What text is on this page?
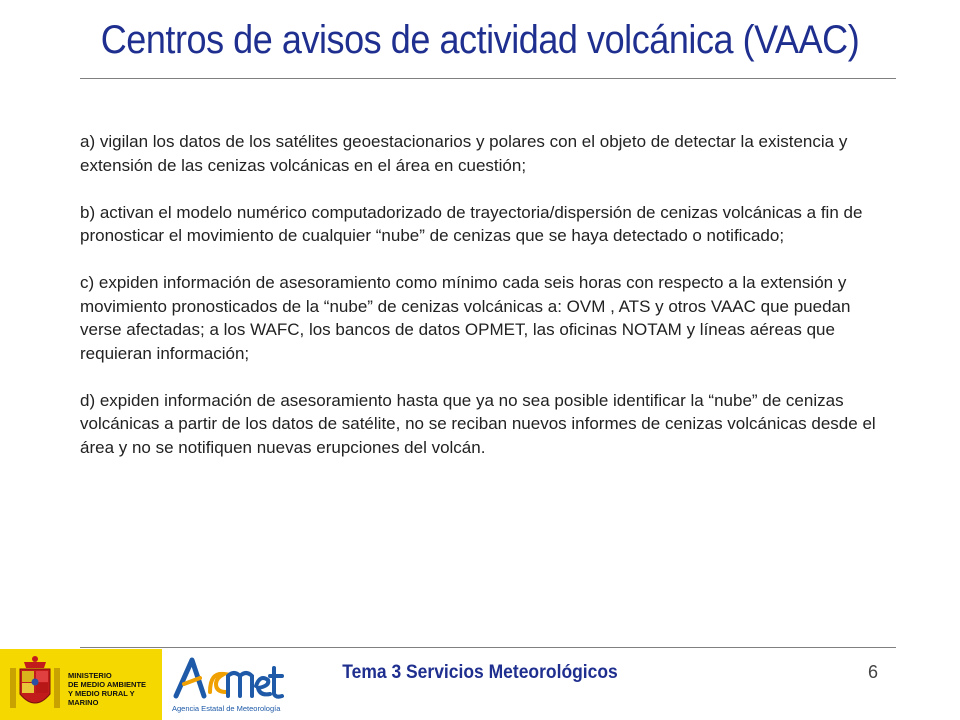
Centros de avisos de actividad volcánica (VAAC)

a) vigilan los datos de los satélites geoestacionarios y polares con el objeto de detectar la existencia y extensión de las cenizas volcánicas en el área en cuestión;

b) activan el modelo numérico computadorizado de trayectoria/dispersión de cenizas volcánicas a fin de pronosticar el movimiento de cualquier “nube” de cenizas que se haya detectado o notificado;

c) expiden información de asesoramiento como mínimo cada seis horas con respecto a la extensión y movimiento pronosticados de la “nube” de cenizas volcánicas a: OVM , ATS y otros VAAC que puedan verse afectadas; a los WAFC, los bancos de datos OPMET, las oficinas NOTAM y líneas aéreas que requieran información;

d) expiden información de asesoramiento hasta que ya no sea posible identificar la “nube” de cenizas volcánicas a partir de los datos de satélite, no se reciban nuevos informes de cenizas volcánicas desde el área y no se notifiquen nuevas erupciones del volcán.

MINISTERIO
DE MEDIO AMBIENTE
Y MEDIO RURAL Y MARINO
Agencia Estatal de Meteorología
Tema 3 Servicios Meteorológicos	6
